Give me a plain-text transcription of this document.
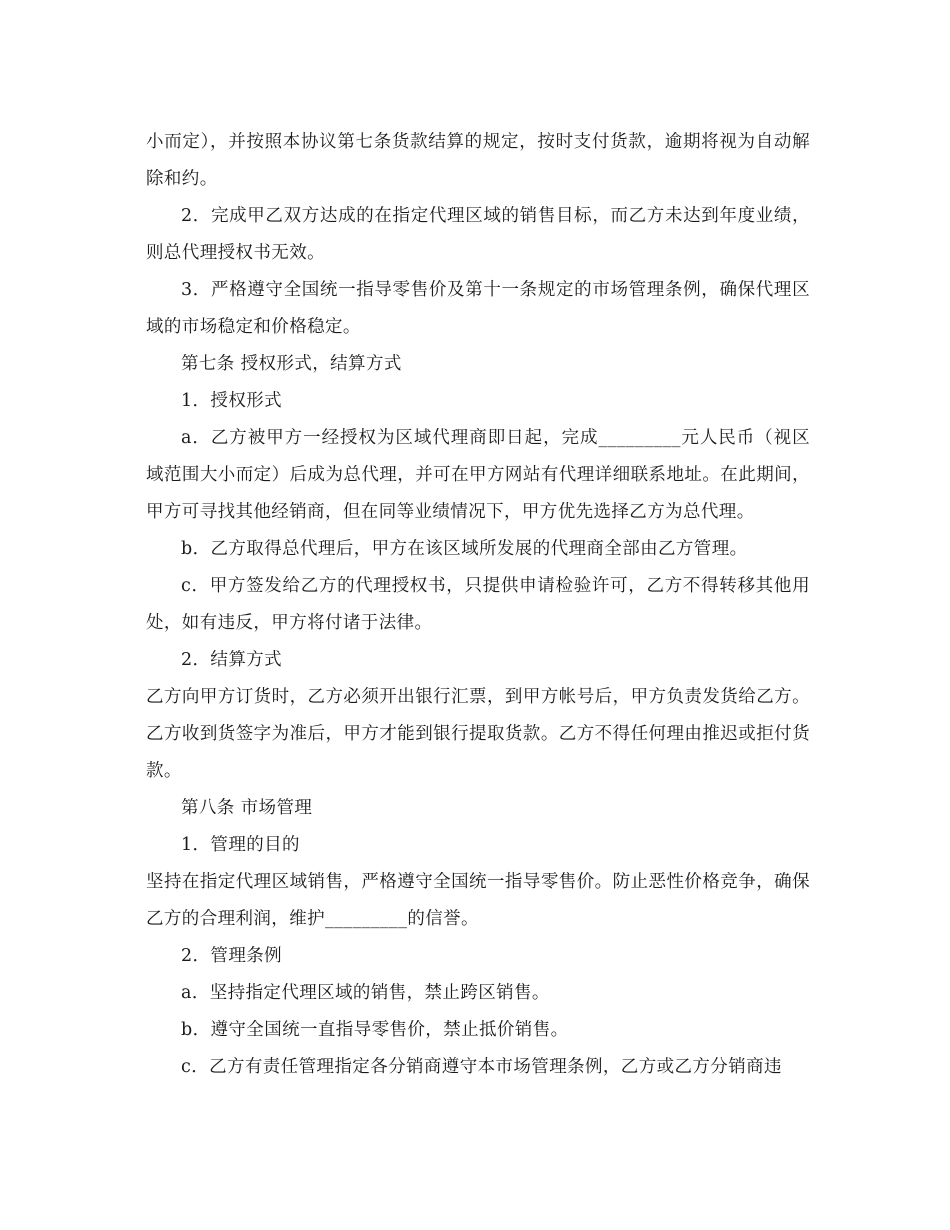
小而定），并按照本协议第七条货款结算的规定，按时支付货款，逾期将视为自动解除和约。

2．完成甲乙双方达成的在指定代理区域的销售目标，而乙方未达到年度业绩，则总代理授权书无效。

3．严格遵守全国统一指导零售价及第十一条规定的市场管理条例，确保代理区域的市场稳定和价格稳定。

第七条 授权形式，结算方式

1．授权形式

a．乙方被甲方一经授权为区域代理商即日起，完成_________元人民币（视区域范围大小而定）后成为总代理，并可在甲方网站有代理详细联系地址。在此期间，甲方可寻找其他经销商，但在同等业绩情况下，甲方优先选择乙方为总代理。

b．乙方取得总代理后，甲方在该区域所发展的代理商全部由乙方管理。

c．甲方签发给乙方的代理授权书，只提供申请检验许可，乙方不得转移其他用处，如有违反，甲方将付诸于法律。

2．结算方式

乙方向甲方订货时，乙方必须开出银行汇票，到甲方帐号后，甲方负责发货给乙方。乙方收到货签字为准后，甲方才能到银行提取货款。乙方不得任何理由推迟或拒付货款。

第八条 市场管理

1．管理的目的

坚持在指定代理区域销售，严格遵守全国统一指导零售价。防止恶性价格竞争，确保乙方的合理利润，维护_________的信誉。

2．管理条例

a．坚持指定代理区域的销售，禁止跨区销售。

b．遵守全国统一直指导零售价，禁止抵价销售。

c．乙方有责任管理指定各分销商遵守本市场管理条例，乙方或乙方分销商违
